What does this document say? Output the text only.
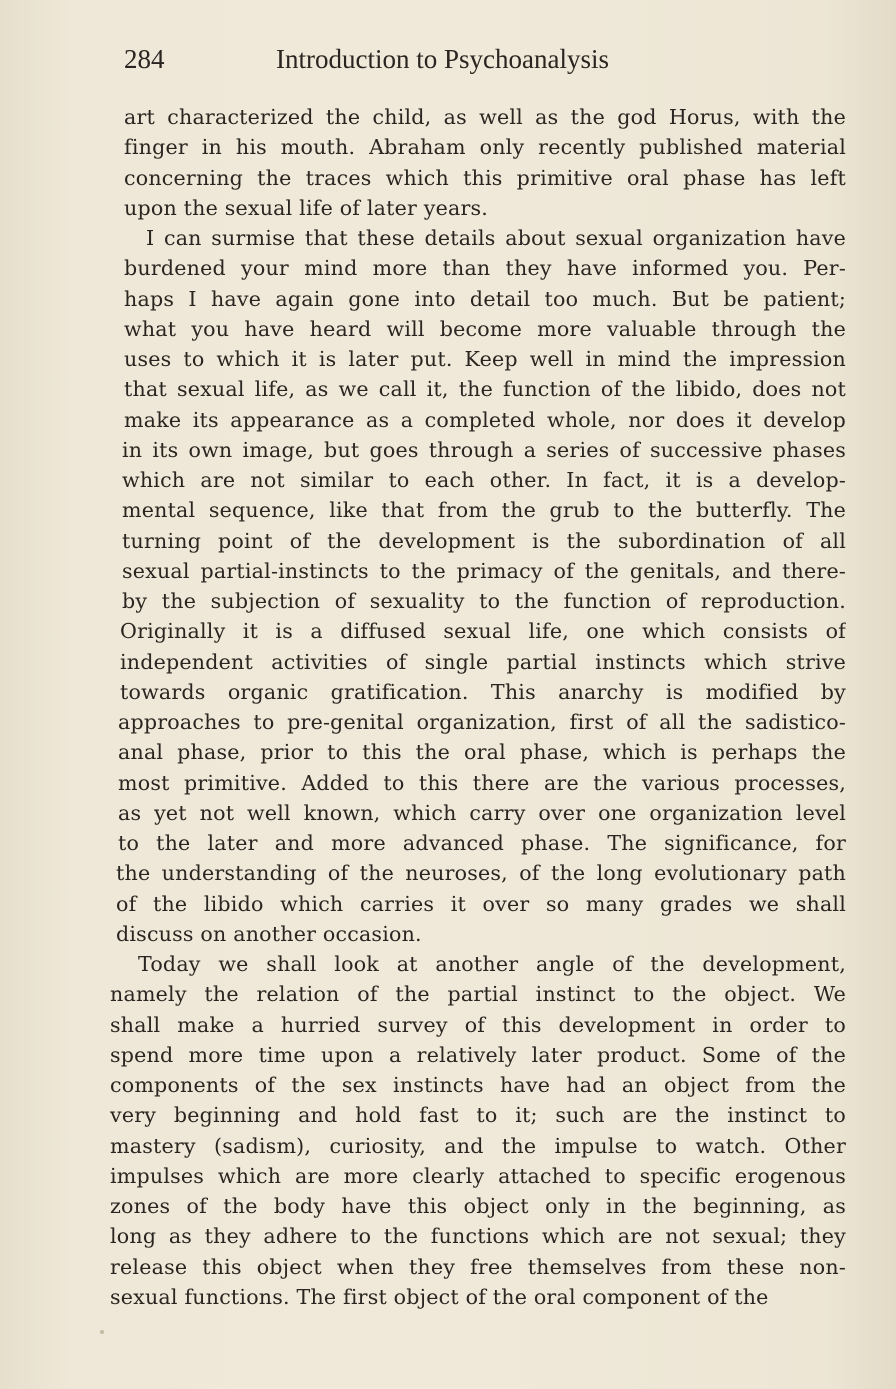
284	Introduction to Psychoanalysis
art characterized the child, as well as the god Horus, with the
finger in his mouth. Abraham only recently published material
concerning the traces which this primitive oral phase has left
upon the sexual life of later years.
I can surmise that these details about sexual organization have
burdened your mind more than they have informed you. Per-
haps I have again gone into detail too much. But be patient;
what you have heard will become more valuable through the
uses to which it is later put. Keep well in mind the impression
that sexual life, as we call it, the function of the libido, does not
make its appearance as a completed whole, nor does it develop
in its own image, but goes through a series of successive phases
which are not similar to each other. In fact, it is a develop-
mental sequence, like that from the grub to the butterfly. The
turning point of the development is the subordination of all
sexual partial-instincts to the primacy of the genitals, and there-
by the subjection of sexuality to the function of reproduction.
Originally it is a diffused sexual life, one which consists of
independent activities of single partial instincts which strive
towards organic gratification. This anarchy is modified by
approaches to pre-genital organization, first of all the sadistico-
anal phase, prior to this the oral phase, which is perhaps the
most primitive. Added to this there are the various processes,
as yet not well known, which carry over one organization level
to the later and more advanced phase. The significance, for
the understanding of the neuroses, of the long evolutionary path
of the libido which carries it over so many grades we shall
discuss on another occasion.
Today we shall look at another angle of the development,
namely the relation of the partial instinct to the object. We
shall make a hurried survey of this development in order to
spend more time upon a relatively later product. Some of the
components of the sex instincts have had an object from the
very beginning and hold fast to it; such are the instinct to
mastery (sadism), curiosity, and the impulse to watch. Other
impulses which are more clearly attached to specific erogenous
zones of the body have this object only in the beginning, as
long as they adhere to the functions which are not sexual; they
release this object when they free themselves from these non-
sexual functions. The first object of the oral component of the
